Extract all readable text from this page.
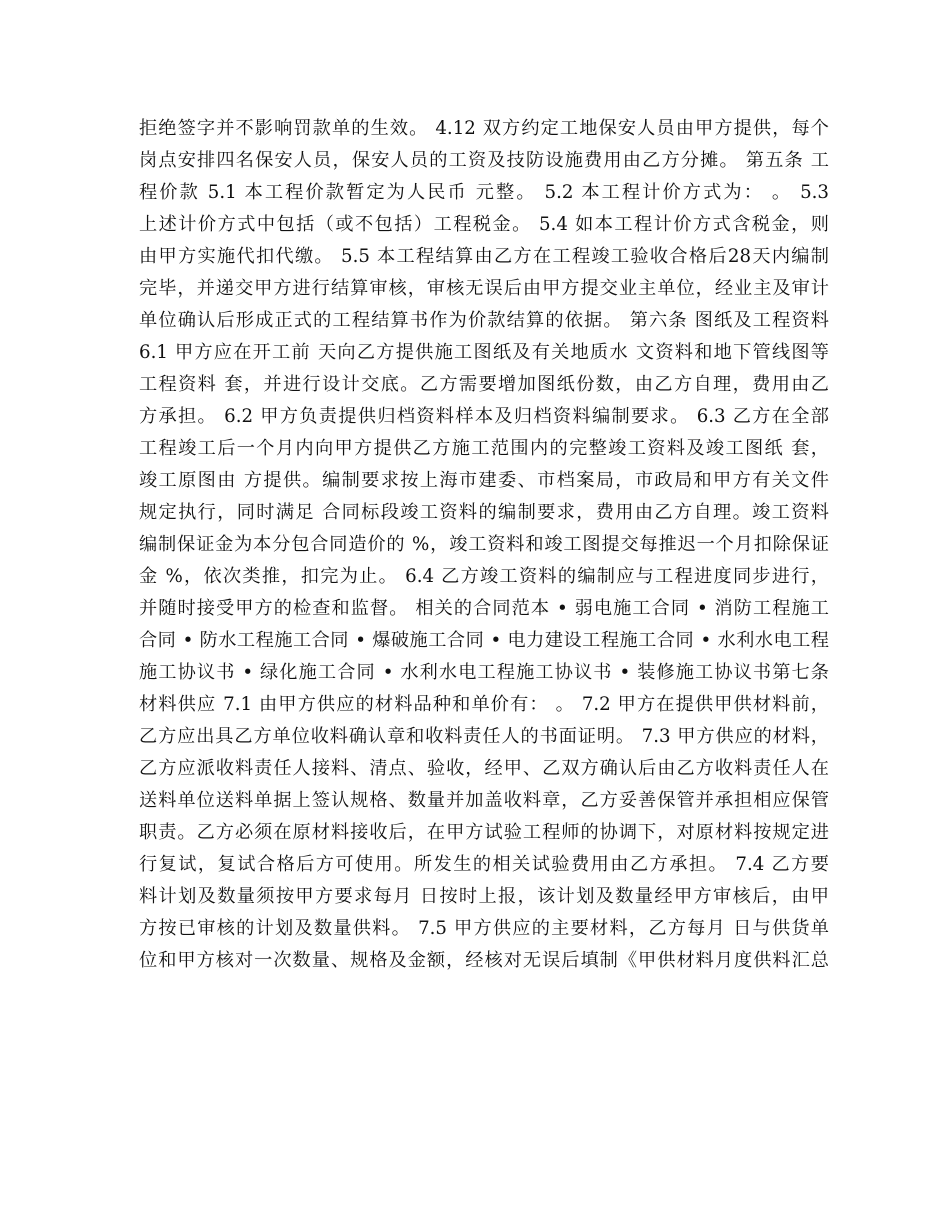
拒绝签字并不影响罚款单的生效。 4.12 双方约定工地保安人员由甲方提供，每个
岗点安排四名保安人员，保安人员的工资及技防设施费用由乙方分摊。 第五条 工
程价款 5.1 本工程价款暂定为人民币 元整。 5.2 本工程计价方式为： 。 5.3
上述计价方式中包括（或不包括）工程税金。 5.4 如本工程计价方式含税金，则
由甲方实施代扣代缴。 5.5 本工程结算由乙方在工程竣工验收合格后28天内编制
完毕，并递交甲方进行结算审核，审核无误后由甲方提交业主单位，经业主及审计
单位确认后形成正式的工程结算书作为价款结算的依据。 第六条 图纸及工程资料
6.1 甲方应在开工前 天向乙方提供施工图纸及有关地质水 文资料和地下管线图等
工程资料 套，并进行设计交底。乙方需要增加图纸份数，由乙方自理，费用由乙
方承担。 6.2 甲方负责提供归档资料样本及归档资料编制要求。 6.3 乙方在全部
工程竣工后一个月内向甲方提供乙方施工范围内的完整竣工资料及竣工图纸 套，
竣工原图由 方提供。编制要求按上海市建委、市档案局，市政局和甲方有关文件
规定执行，同时满足 合同标段竣工资料的编制要求，费用由乙方自理。竣工资料
编制保证金为本分包合同造价的 %，竣工资料和竣工图提交每推迟一个月扣除保证
金 %，依次类推，扣完为止。 6.4 乙方竣工资料的编制应与工程进度同步进行，
并随时接受甲方的检查和监督。 相关的合同范本 • 弱电施工合同 • 消防工程施工
合同 • 防水工程施工合同 • 爆破施工合同 • 电力建设工程施工合同 • 水利水电工程
施工协议书 • 绿化施工合同 • 水利水电工程施工协议书 • 装修施工协议书第七条
材料供应 7.1 由甲方供应的材料品种和单价有： 。 7.2 甲方在提供甲供材料前，
乙方应出具乙方单位收料确认章和收料责任人的书面证明。 7.3 甲方供应的材料，
乙方应派收料责任人接料、清点、验收，经甲、乙双方确认后由乙方收料责任人在
送料单位送料单据上签认规格、数量并加盖收料章，乙方妥善保管并承担相应保管
职责。乙方必须在原材料接收后，在甲方试验工程师的协调下，对原材料按规定进
行复试，复试合格后方可使用。所发生的相关试验费用由乙方承担。 7.4 乙方要
料计划及数量须按甲方要求每月 日按时上报，该计划及数量经甲方审核后，由甲
方按已审核的计划及数量供料。 7.5 甲方供应的主要材料，乙方每月 日与供货单
位和甲方核对一次数量、规格及金额，经核对无误后填制《甲供材料月度供料汇总
